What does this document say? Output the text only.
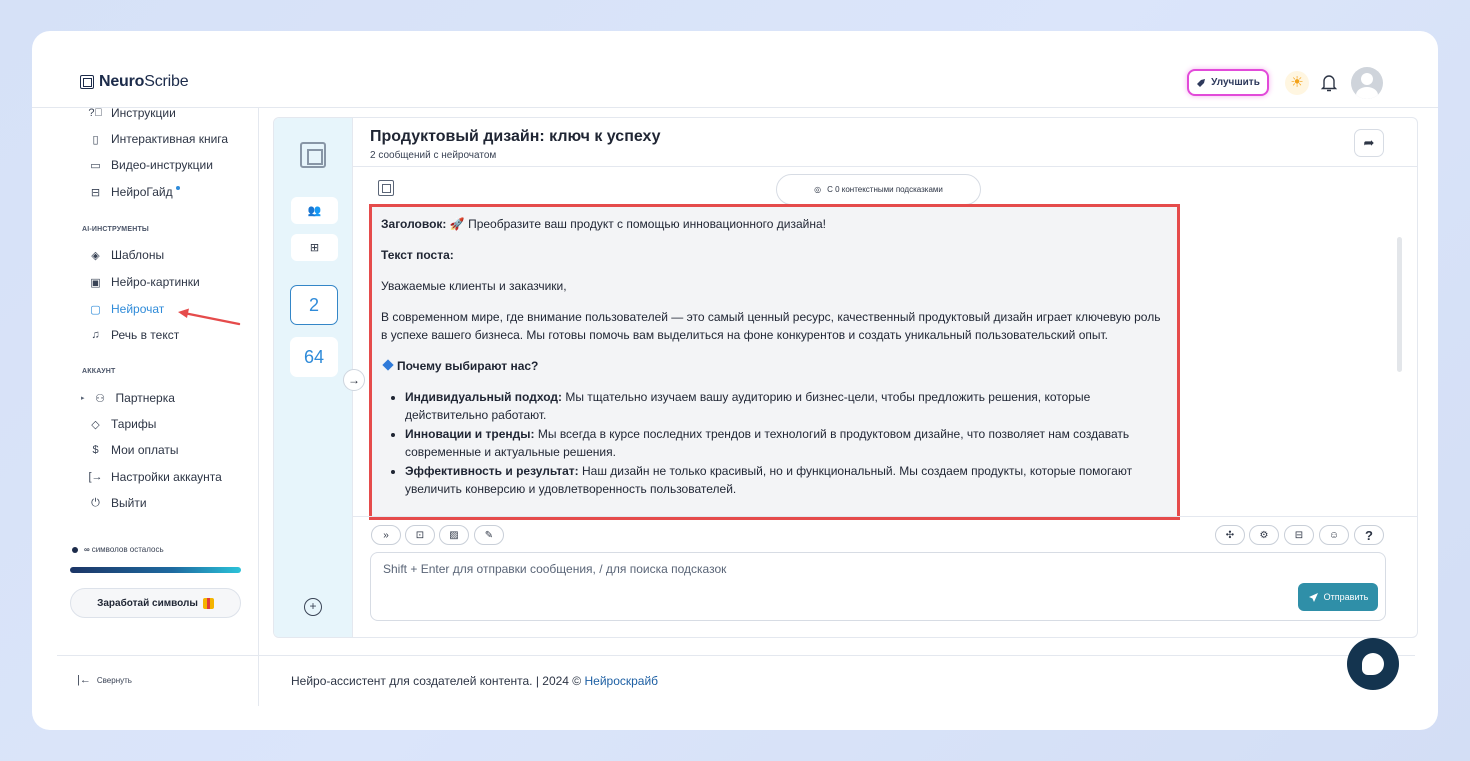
NeuroScribe	Улучшить	☀
?⃝ Инструкции
▯ Интерактивная книга
▭ Видео-инструкции
⊟ НейроГайд
AI-ИНСТРУМЕНТЫ
◈ Шаблоны
▣ Нейро-картинки
▢ Нейрочат
♫ Речь в текст
АККАУНТ
▸ ⚇ Партнерка
◇ Тарифы
$ Мои оплаты
[→ Настройки аккаунта
⏻ Выйти
∞ символов осталось
Заработай символы
👥
⊞
2
64
+
→
Продуктовый дизайн: ключ к успеху
2 сообщений с нейрочатом
➦
◎ С 0 контекстными подсказками

Заголовок: 🚀 Преобразите ваш продукт с помощью инновационного дизайна!

Текст поста:

Уважаемые клиенты и заказчики,

В современном мире, где внимание пользователей — это самый ценный ресурс, качественный продуктовый дизайн играет ключевую роль в успехе вашего бизнеса. Мы готовы помочь вам выделиться на фоне конкурентов и создать уникальный пользовательский опыт.

Почему выбирают нас?

• Индивидуальный подход: Мы тщательно изучаем вашу аудиторию и бизнес-цели, чтобы предложить решения, которые действительно работают.
• Инновации и тренды: Мы всегда в курсе последних трендов и технологий в продуктовом дизайне, что позволяет нам создавать современные и актуальные решения.
• Эффективность и результат: Наш дизайн не только красивый, но и функциональный. Мы создаем продукты, которые помогают увеличить конверсию и удовлетворенность пользователей.
»	⊡	▨	✎	✣	⚙	⊟	☺	?
Shift + Enter для отправки сообщения, / для поиска подсказок
Отправить
|← Свернуть	Нейро-ассистент для создателей контента. | 2024 © Нейроскрайб
